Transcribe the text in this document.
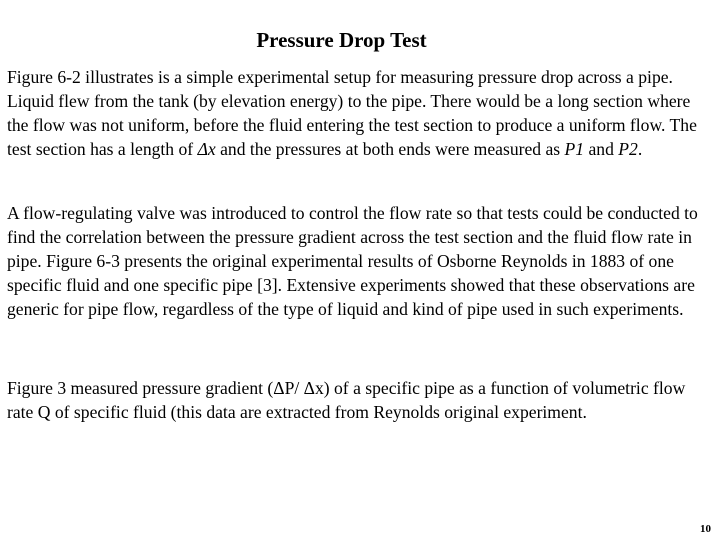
Pressure Drop Test

Figure 6-2 illustrates is a simple experimental setup for measuring pressure drop across a pipe. Liquid flew from the tank (by elevation energy) to the pipe. There would be a long section where the flow was not uniform, before the fluid entering the test section to produce a uniform flow. The test section has a length of Δx and the pressures at both ends were measured as P1 and P2.

A flow-regulating valve was introduced to control the flow rate so that tests could be conducted to find the correlation between the pressure gradient across the test section and the fluid flow rate in pipe. Figure 6-3 presents the original experimental results of Osborne Reynolds in 1883 of one specific fluid and one specific pipe [3]. Extensive experiments showed that these observations are generic for pipe flow, regardless of the type of liquid and kind of pipe used in such experiments.

Figure 3 measured pressure gradient (ΔP/ Δx) of a specific pipe as a function of volumetric flow rate Q of specific fluid (this data are extracted from Reynolds original experiment.

10
